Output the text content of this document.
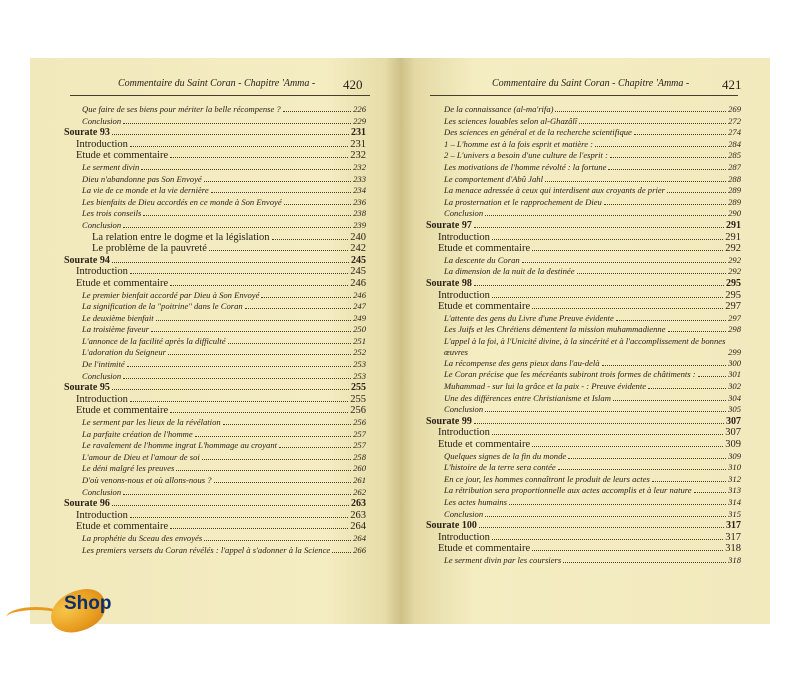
Commentaire du Saint Coran - Chapitre 'Amma - 420
Que faire de ses biens pour mériter la belle récompense ?	226
Conclusion	229
Sourate 93	231
Introduction	231
Etude et commentaire	232
Le serment divin	232
Dieu n'abandonne pas Son Envoyé	233
La vie de ce monde et la vie dernière	234
Les bienfaits de Dieu accordés en ce monde à Son Envoyé	236
Les trois conseils	238
Conclusion	239
La relation entre le dogme et la législation	240
Le problème de la pauvreté	242
Sourate 94	245
Introduction	245
Etude et commentaire	246
Le premier bienfait accordé par Dieu à Son Envoyé	246
La signification de la "poitrine" dans le Coran	247
Le deuxième bienfait	249
La troisième faveur	250
L'annonce de la facilité après la difficulté	251
L'adoration du Seigneur	252
De l'intimité	253
Conclusion	253
Sourate 95	255
Introduction	255
Etude et commentaire	256
Le serment par les lieux de la révélation	256
La parfaite création de l'homme	257
Le ravalement de l'homme ingrat L'hommage au croyant	257
L'amour de Dieu et l'amour de soi	258
Le déni malgré les preuves	260
D'où venons-nous et où allons-nous ?	261
Conclusion	262
Sourate 96	263
Introduction	263
Etude et commentaire	264
La prophétie du Sceau des envoyés	264
Les premiers versets du Coran révélés : l'appel à s'adonner à la Science	266
Commentaire du Saint Coran - Chapitre 'Amma -	421
De la connaissance (al-ma'rifa)	269
Les sciences louables selon al-Ghazâlî	272
Des sciences en général et de la recherche scientifique	274
1 – L'homme est à la fois esprit et matière :	284
2 – L'univers a besoin d'une culture de l'esprit :	285
Les motivations de l'homme révolté : la fortune	287
Le comportement d'Abû Jahl	288
La menace adressée à ceux qui interdisent aux croyants de prier	289
La prosternation et le rapprochement de Dieu	289
Conclusion	290
Sourate 97	291
Introduction	291
Etude et commentaire	292
La descente du Coran	292
La dimension de la nuit de la destinée	292
Sourate 98	295
Introduction	295
Etude et commentaire	297
L'attente des gens du Livre d'une Preuve évidente	297
Les Juifs et les Chrétiens démentent la mission muhammadienne	298
L'appel à la foi, à l'Unicité divine, à la sincérité et à l'accomplissement de bonnes œuvres	299
La récompense des gens pieux dans l'au-delà	300
Le Coran précise que les mécréants subiront trois formes de châtiments :	301
Muhammad - sur lui la grâce et la paix - : Preuve évidente	302
Une des différences entre Christianisme et Islam	304
Conclusion	305
Sourate 99	307
Introduction	307
Etude et commentaire	309
Quelques signes de la fin du monde	309
L'histoire de la terre sera contée	310
En ce jour, les hommes connaîtront le produit de leurs actes	312
La rétribution sera proportionnelle aux actes accomplis et à leur nature	313
Les actes humains	314
Conclusion	315
Sourate 100	317
Introduction	317
Etude et commentaire	318
Le serment divin par les coursiers	318
Shop
